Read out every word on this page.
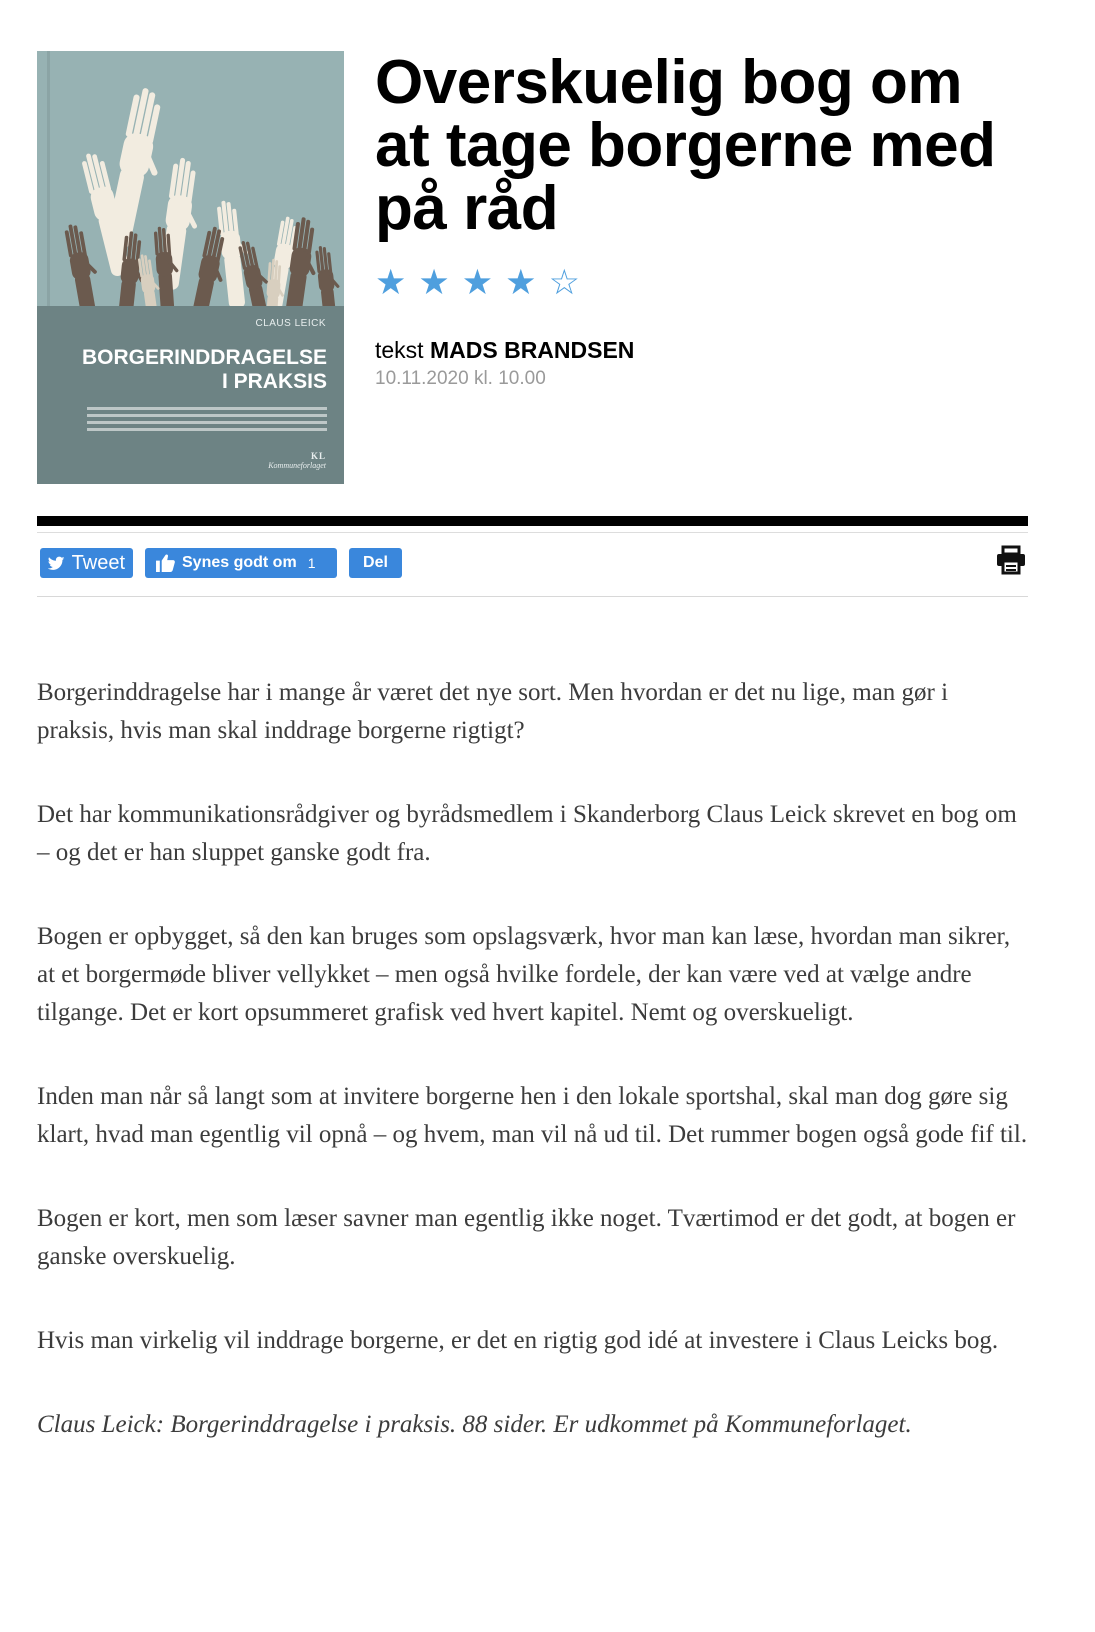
CLAUS LEICK
BORGERINDDRAGELSE
I PRAKSIS
KL
Kommuneforlaget
Overskuelig bog om at tage borgerne med på råd
★ ★ ★ ★ ☆
tekst MADS BRANDSEN
10.11.2020 kl. 10.00
Tweet	Synes godt om 1	Del

Borgerinddragelse har i mange år været det nye sort. Men hvordan er det nu lige, man gør i praksis, hvis man skal inddrage borgerne rigtigt?

Det har kommunikationsrådgiver og byrådsmedlem i Skanderborg Claus Leick skrevet en bog om – og det er han sluppet ganske godt fra.

Bogen er opbygget, så den kan bruges som opslagsværk, hvor man kan læse, hvordan man sikrer, at et borgermøde bliver vellykket – men også hvilke fordele, der kan være ved at vælge andre tilgange. Det er kort opsummeret grafisk ved hvert kapitel. Nemt og overskueligt.

Inden man når så langt som at invitere borgerne hen i den lokale sportshal, skal man dog gøre sig klart, hvad man egentlig vil opnå – og hvem, man vil nå ud til. Det rummer bogen også gode fif til.

Bogen er kort, men som læser savner man egentlig ikke noget. Tværtimod er det godt, at bogen er ganske overskuelig.

Hvis man virkelig vil inddrage borgerne, er det en rigtig god idé at investere i Claus Leicks bog.

Claus Leick: Borgerinddragelse i praksis. 88 sider. Er udkommet på Kommuneforlaget.
